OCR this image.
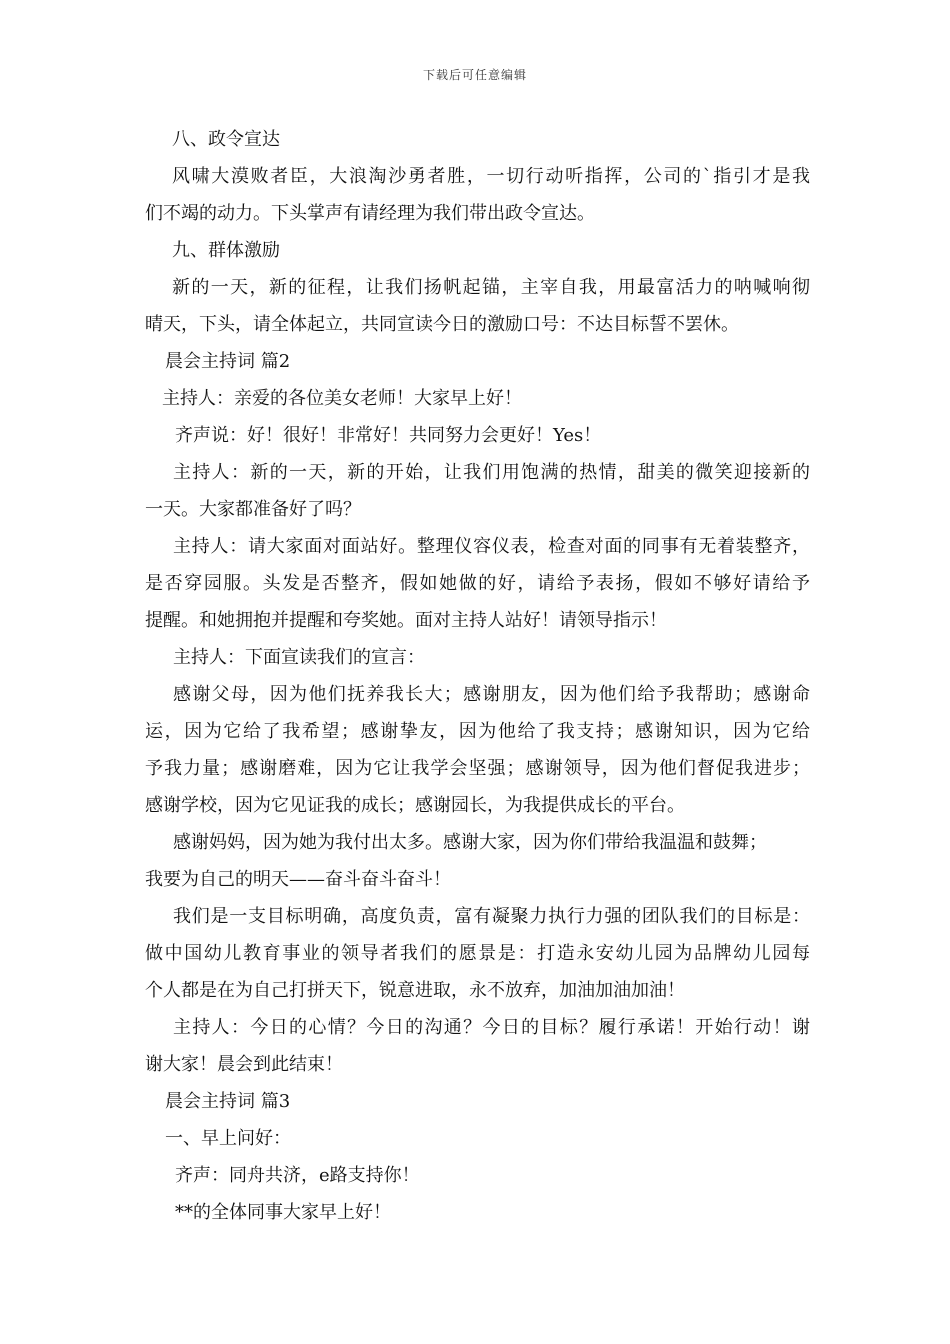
下载后可任意编辑
八、政令宣达
风啸大漠败者臣，大浪淘沙勇者胜，一切行动听指挥，公司的`指引才是我
们不竭的动力。下头掌声有请经理为我们带出政令宣达。
九、群体激励
新的一天，新的征程，让我们扬帆起锚，主宰自我，用最富活力的呐喊响彻
晴天，下头，请全体起立，共同宣读今日的激励口号：不达目标誓不罢休。
晨会主持词 篇2
主持人：亲爱的各位美女老师！大家早上好！
齐声说：好！很好！非常好！共同努力会更好！Yes！
主持人：新的一天，新的开始，让我们用饱满的热情，甜美的微笑迎接新的
一天。大家都准备好了吗？
主持人：请大家面对面站好。整理仪容仪表，检查对面的同事有无着装整齐，
是否穿园服。头发是否整齐，假如她做的好，请给予表扬，假如不够好请给予
提醒。和她拥抱并提醒和夸奖她。面对主持人站好！请领导指示！
主持人：下面宣读我们的宣言：
感谢父母，因为他们抚养我长大；感谢朋友，因为他们给予我帮助；感谢命
运，因为它给了我希望；感谢挚友，因为他给了我支持；感谢知识，因为它给
予我力量；感谢磨难，因为它让我学会坚强；感谢领导，因为他们督促我进步；
感谢学校，因为它见证我的成长；感谢园长，为我提供成长的平台。
感谢妈妈，因为她为我付出太多。感谢大家，因为你们带给我温温和鼓舞；
我要为自己的明天——奋斗奋斗奋斗！
我们是一支目标明确，高度负责，富有凝聚力执行力强的团队我们的目标是：
做中国幼儿教育事业的领导者我们的愿景是：打造永安幼儿园为品牌幼儿园每
个人都是在为自己打拼天下，锐意进取，永不放弃，加油加油加油！
主持人：今日的心情？今日的沟通？今日的目标？履行承诺！开始行动！谢
谢大家！晨会到此结束！
晨会主持词 篇3
一、早上问好：
齐声：同舟共济，e路支持你！
**的全体同事大家早上好！
